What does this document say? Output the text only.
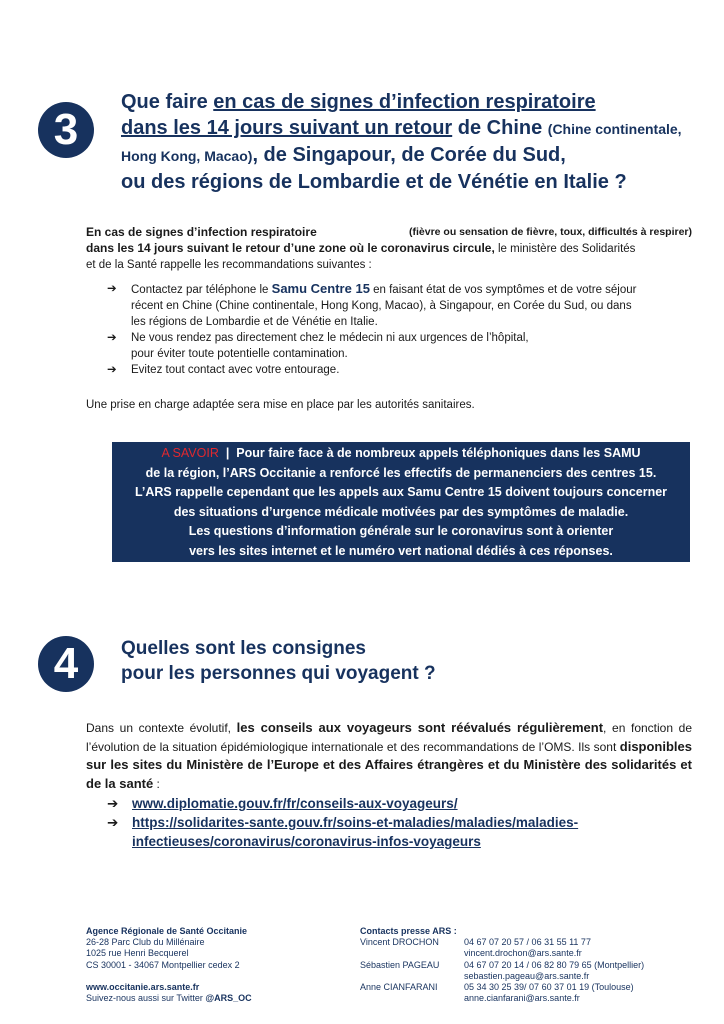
3
Que faire en cas de signes d’infection respiratoire
dans les 14 jours suivant un retour de Chine (Chine continentale,
Hong Kong, Macao), de Singapour, de Corée du Sud,
ou des régions de Lombardie et de Vénétie en Italie ?
En cas de signes d’infection respiratoire	(fièvre ou sensation de fièvre, toux, difficultés à respirer)
dans les 14 jours suivant le retour d’une zone où le coronavirus circule, le ministère des Solidarités
et de la Santé rappelle les recommandations suivantes :
➔ Contactez par téléphone le Samu Centre 15 en faisant état de vos symptômes et de votre séjour
récent en Chine (Chine continentale, Hong Kong, Macao), à Singapour, en Corée du Sud, ou dans
les régions de Lombardie et de Vénétie en Italie.
➔ Ne vous rendez pas directement chez le médecin ni aux urgences de l’hôpital,
pour éviter toute potentielle contamination.
➔ Evitez tout contact avec votre entourage.
Une prise en charge adaptée sera mise en place par les autorités sanitaires.
A SAVOIR  |  Pour faire face à de nombreux appels téléphoniques dans les SAMU
de la région, l’ARS Occitanie a renforcé les effectifs de permanenciers des centres 15.
L’ARS rappelle cependant que les appels aux Samu Centre 15 doivent toujours concerner
des situations d’urgence médicale motivées par des symptômes de maladie.
Les questions d’information générale sur le coronavirus sont à orienter
vers les sites internet et le numéro vert national dédiés à ces réponses.
4 Quelles sont les consignes
pour les personnes qui voyagent ?
Dans un contexte évolutif, les conseils aux voyageurs sont réévalués régulièrement, en fonction de l’évolution de la situation épidémiologique internationale et des recommandations de l’OMS. Ils sont disponibles sur les sites du Ministère de l’Europe et des Affaires étrangères et du Ministère des solidarités et de la santé :
➔ www.diplomatie.gouv.fr/fr/conseils-aux-voyageurs/
➔ https://solidarites-sante.gouv.fr/soins-et-maladies/maladies/maladies-
infectieuses/coronavirus/coronavirus-infos-voyageurs
Agence Régionale de Santé Occitanie
26-28 Parc Club du Millénaire
1025 rue Henri Becquerel
CS 30001 - 34067 Montpellier cedex 2
www.occitanie.ars.sante.fr
Suivez-nous aussi sur Twitter @ARS_OC
Contacts presse ARS :
Vincent DROCHON	04 67 07 20 57 / 06 31 55 11 77
vincent.drochon@ars.sante.fr
Sébastien PAGEAU	04 67 07 20 14 / 06 82 80 79 65 (Montpellier)
sebastien.pageau@ars.sante.fr
Anne CIANFARANI	05 34 30 25 39/ 07 60 37 01 19 (Toulouse)
anne.cianfarani@ars.sante.fr
